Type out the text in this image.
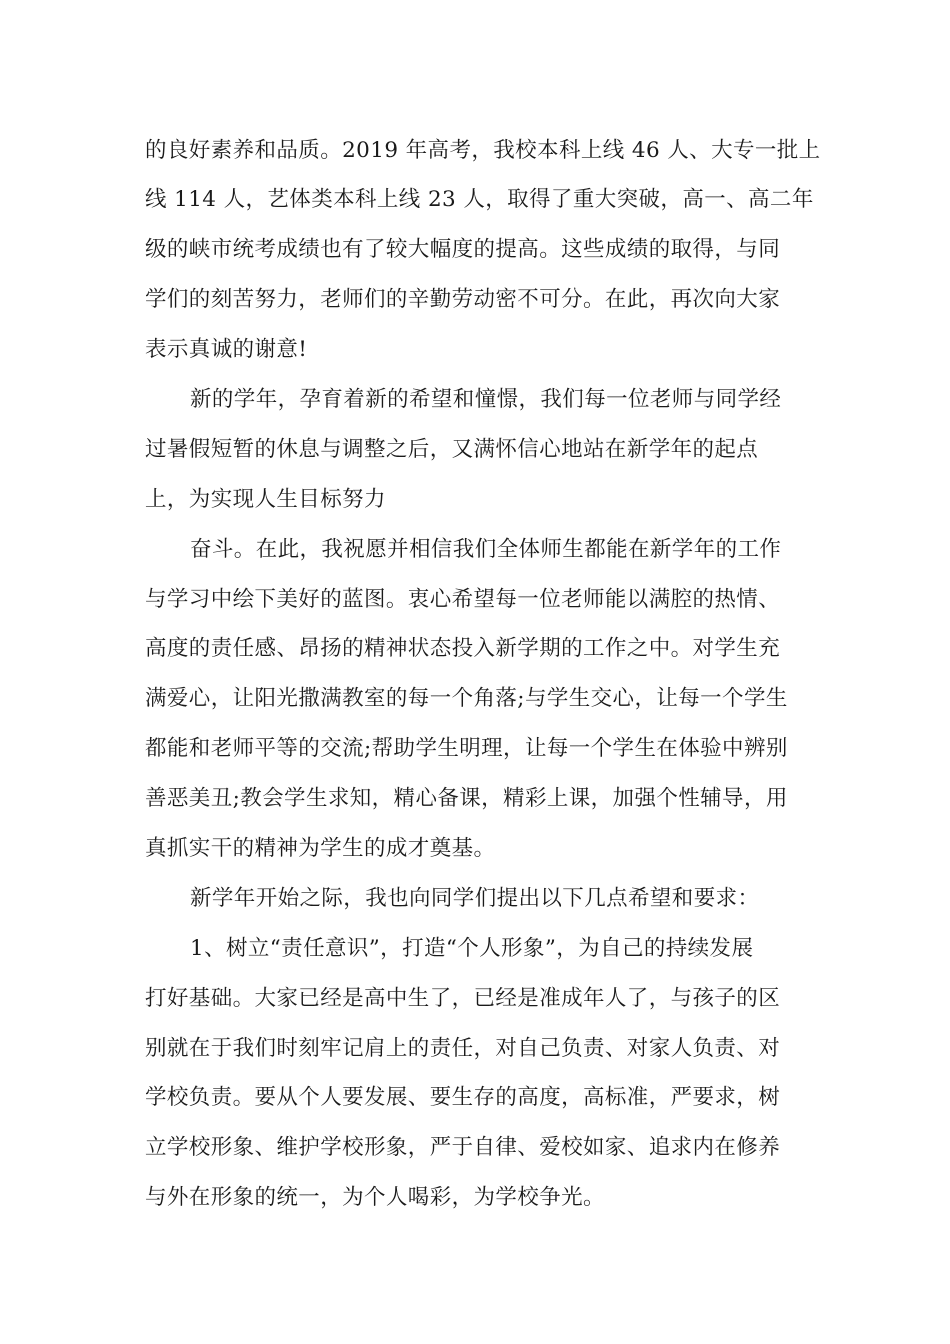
的良好素养和品质。2019 年高考，我校本科上线 46 人、大专一批上
线 114 人，艺体类本科上线 23 人，取得了重大突破，高一、高二年
级的峡市统考成绩也有了较大幅度的提高。这些成绩的取得，与同
学们的刻苦努力，老师们的辛勤劳动密不可分。在此，再次向大家
表示真诚的谢意!
新的学年，孕育着新的希望和憧憬，我们每一位老师与同学经
过暑假短暂的休息与调整之后，又满怀信心地站在新学年的起点
上，为实现人生目标努力
奋斗。在此，我祝愿并相信我们全体师生都能在新学年的工作
与学习中绘下美好的蓝图。衷心希望每一位老师能以满腔的热情、
高度的责任感、昂扬的精神状态投入新学期的工作之中。对学生充
满爱心，让阳光撒满教室的每一个角落;与学生交心，让每一个学生
都能和老师平等的交流;帮助学生明理，让每一个学生在体验中辨别
善恶美丑;教会学生求知，精心备课，精彩上课，加强个性辅导，用
真抓实干的精神为学生的成才奠基。
新学年开始之际，我也向同学们提出以下几点希望和要求：
1、树立“责任意识”，打造“个人形象”，为自己的持续发展
打好基础。大家已经是高中生了，已经是准成年人了，与孩子的区
别就在于我们时刻牢记肩上的责任，对自己负责、对家人负责、对
学校负责。要从个人要发展、要生存的高度，高标准，严要求，树
立学校形象、维护学校形象，严于自律、爱校如家、追求内在修养
与外在形象的统一，为个人喝彩，为学校争光。
